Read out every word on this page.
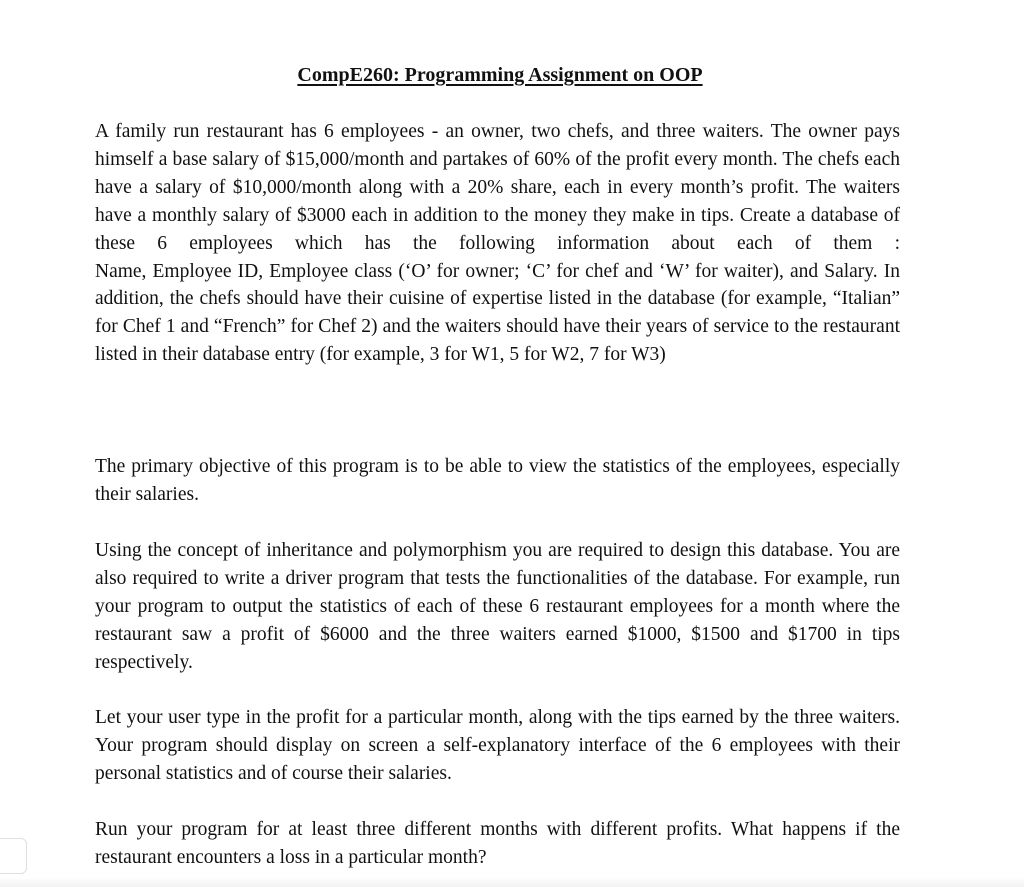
CompE260: Programming Assignment on OOP

A family run restaurant has 6 employees - an owner, two chefs, and three waiters. The owner pays himself a base salary of $15,000/month and partakes of 60% of the profit every month. The chefs each have a salary of $10,000/month along with a 20% share, each in every month’s profit. The waiters have a monthly salary of $3000 each in addition to the money they make in tips. Create a database of these 6 employees which has the following information about each of them :

Name, Employee ID, Employee class (‘O’ for owner; ‘C’ for chef and ‘W’ for waiter), and Salary. In addition, the chefs should have their cuisine of expertise listed in the database (for example, “Italian” for Chef 1 and “French” for Chef 2) and the waiters should have their years of service to the restaurant listed in their database entry (for example, 3 for W1, 5 for W2, 7 for W3)

The primary objective of this program is to be able to view the statistics of the employees, especially their salaries.

Using the concept of inheritance and polymorphism you are required to design this database. You are also required to write a driver program that tests the functionalities of the database. For example, run your program to output the statistics of each of these 6 restaurant employees for a month where the restaurant saw a profit of $6000 and the three waiters earned $1000, $1500 and $1700 in tips respectively.

Let your user type in the profit for a particular month, along with the tips earned by the three waiters. Your program should display on screen a self-explanatory interface of the 6 employees with their personal statistics and of course their salaries.

Run your program for at least three different months with different profits. What happens if the restaurant encounters a loss in a particular month?
